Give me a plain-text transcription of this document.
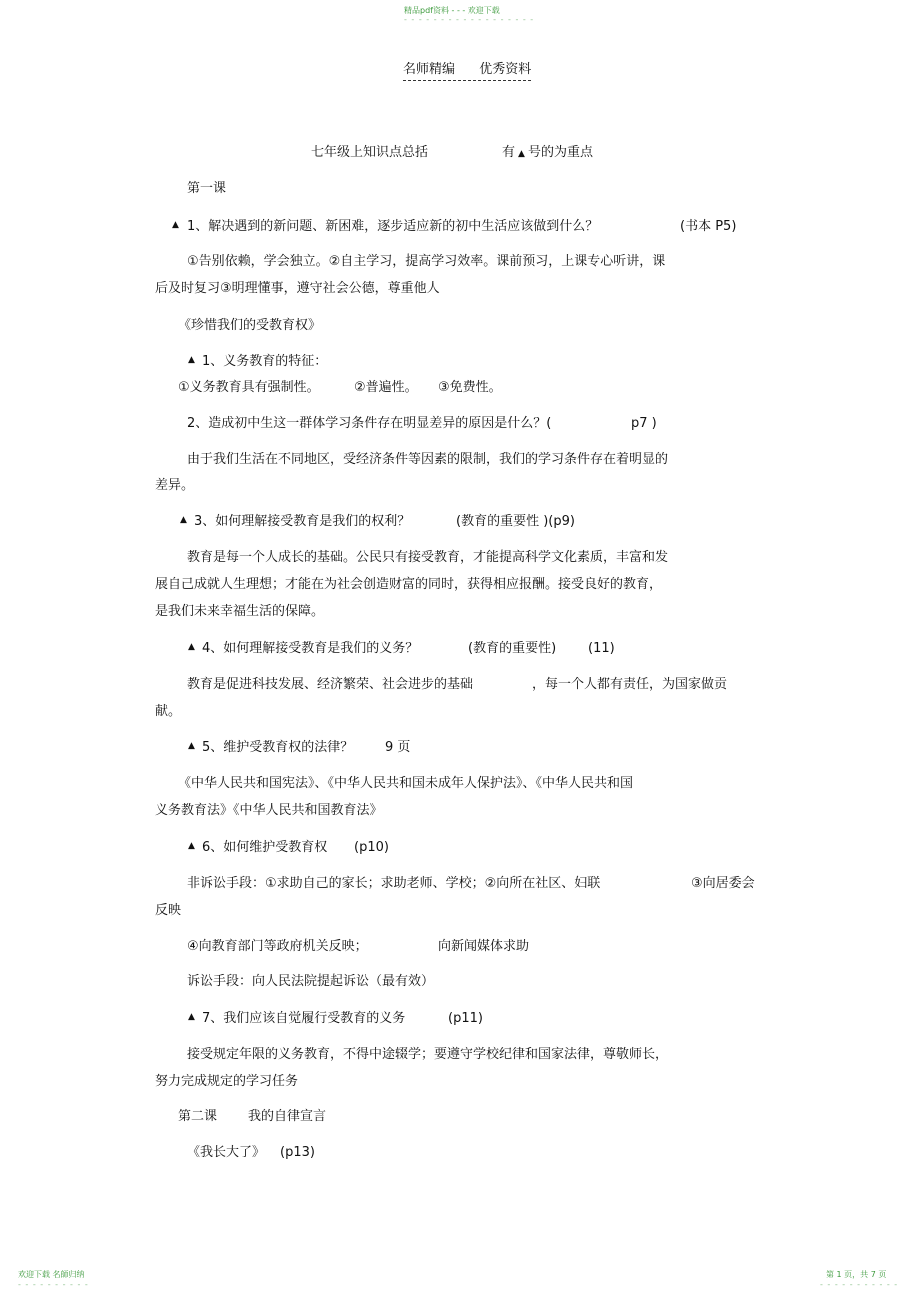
精品pdf资料 - - - 欢迎下载
- - - - - - - - - - - - - - - - - -
名师精编 优秀资料
七年级上知识点总括	有 ▲ 号的为重点
第一课
1、解决遇到的新问题、新困难，逐步适应新的初中生活应该做到什么？	(书本 P5)
①告别依赖，学会独立。②自主学习，提高学习效率。课前预习，上课专心听讲，课
后及时复习③明理懂事，遵守社会公德，尊重他人
《珍惜我们的受教育权》
1、义务教育的特征：
①义务教育具有强制性。	②普遍性。 ③免费性。
2、造成初中生这一群体学习条件存在明显差异的原因是什么？(	p7 )
由于我们生活在不同地区，受经济条件等因素的限制，我们的学习条件存在着明显的
差异。
3、如何理解接受教育是我们的权利？	(教育的重要性 )(p9)
教育是每一个人成长的基础。公民只有接受教育，才能提高科学文化素质，丰富和发
展自己成就人生理想；才能在为社会创造财富的同时，获得相应报酬。接受良好的教育，
是我们未来幸福生活的保障。
4、如何理解接受教育是我们的义务？	(教育的重要性) (11)
教育是促进科技发展、经济繁荣、社会进步的基础	，每一个人都有责任，为国家做贡
献。
5、维护受教育权的法律？ 9 页
《中华人民共和国宪法》、《中华人民共和国未成年人保护法》、《中华人民共和国
义务教育法》《中华人民共和国教育法》
6、如何维护受教育权 (p10)
非诉讼手段：①求助自己的家长；求助老师、学校；②向所在社区、妇联	③向居委会
反映
④向教育部门等政府机关反映；	向新闻媒体求助
诉讼手段：向人民法院提起诉讼（最有效）
7、我们应该自觉履行受教育的义务	(p11)
接受规定年限的义务教育，不得中途辍学；要遵守学校纪律和国家法律，尊敬师长，
努力完成规定的学习任务
第二课 我的自律宣言
《我长大了》 (p13)
▲
▲
▲
▲
▲
▲
▲
欢迎下载 名師归纳
- - - - - - - - - -
第 1 页，共 7 页
- - - - - - - - - - -
